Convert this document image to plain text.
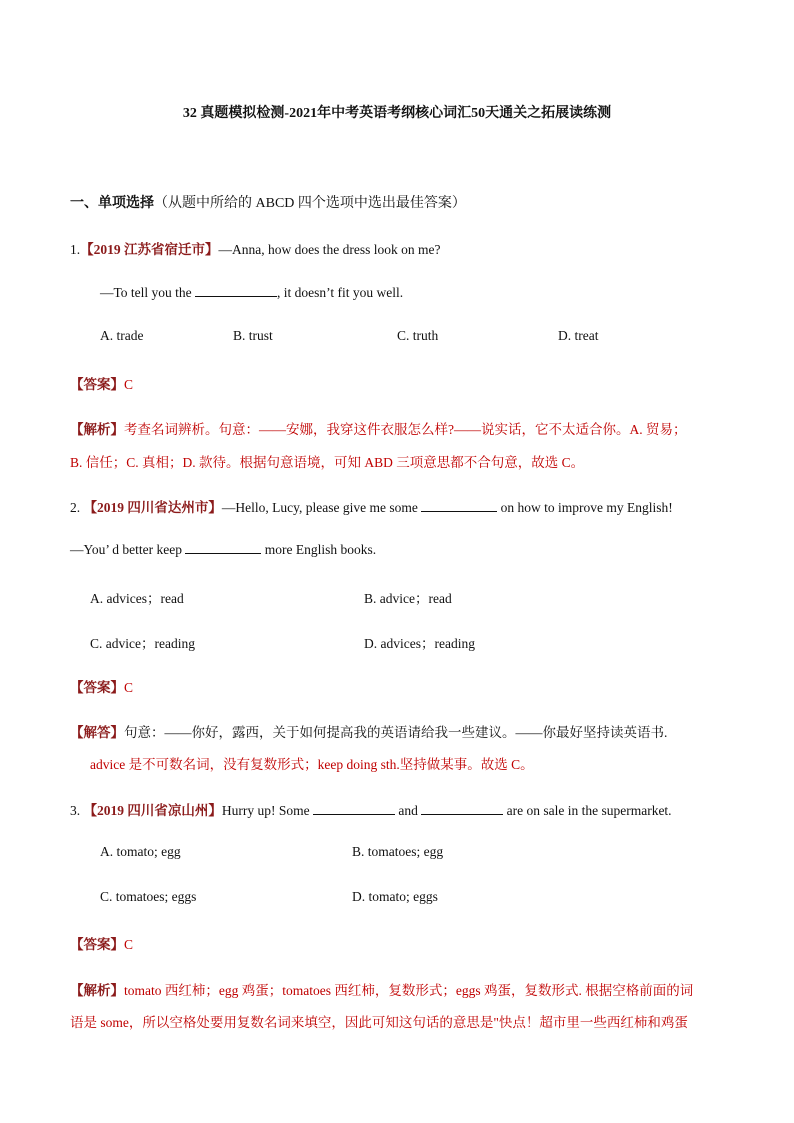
32 真题模拟检测-2021年中考英语考纲核心词汇50天通关之拓展读练测
一、单项选择（从题中所给的 ABCD 四个选项中选出最佳答案）
1.【2019 江苏省宿迁市】—Anna, how does the dress look on me?
—To tell you the	, it doesn’t fit you well.
A. trade	B. trust	C. truth	D. treat
【答案】C
【解析】考查名词辨析。句意：——安娜，我穿这件衣服怎么样?——说实话，它不太适合你。A. 贸易；
B. 信任；C. 真相；D. 款待。根据句意语境，可知 ABD 三项意思都不合句意，故选 C。
2. 【2019 四川省达州市】—Hello, Lucy, please give me some	on how to improve my English!
—You’ d better keep	more English books.
A. advices；read	B. advice；read
C. advice；reading	D. advices；reading
【答案】C
【解答】句意：——你好，露西，关于如何提高我的英语请给我一些建议。——你最好坚持读英语书.
advice 是不可数名词，没有复数形式；keep doing sth.坚持做某事。故选 C。
3. 【2019 四川省凉山州】Hurry up! Some	and	are on sale in the supermarket.
A. tomato; egg	B. tomatoes; egg
C. tomatoes; eggs	D. tomato; eggs
【答案】C
【解析】tomato 西红柿；egg 鸡蛋；tomatoes 西红柿，复数形式；eggs 鸡蛋，复数形式. 根据空格前面的词
语是 some，所以空格处要用复数名词来填空，因此可知这句话的意思是"快点！超市里一些西红柿和鸡蛋
